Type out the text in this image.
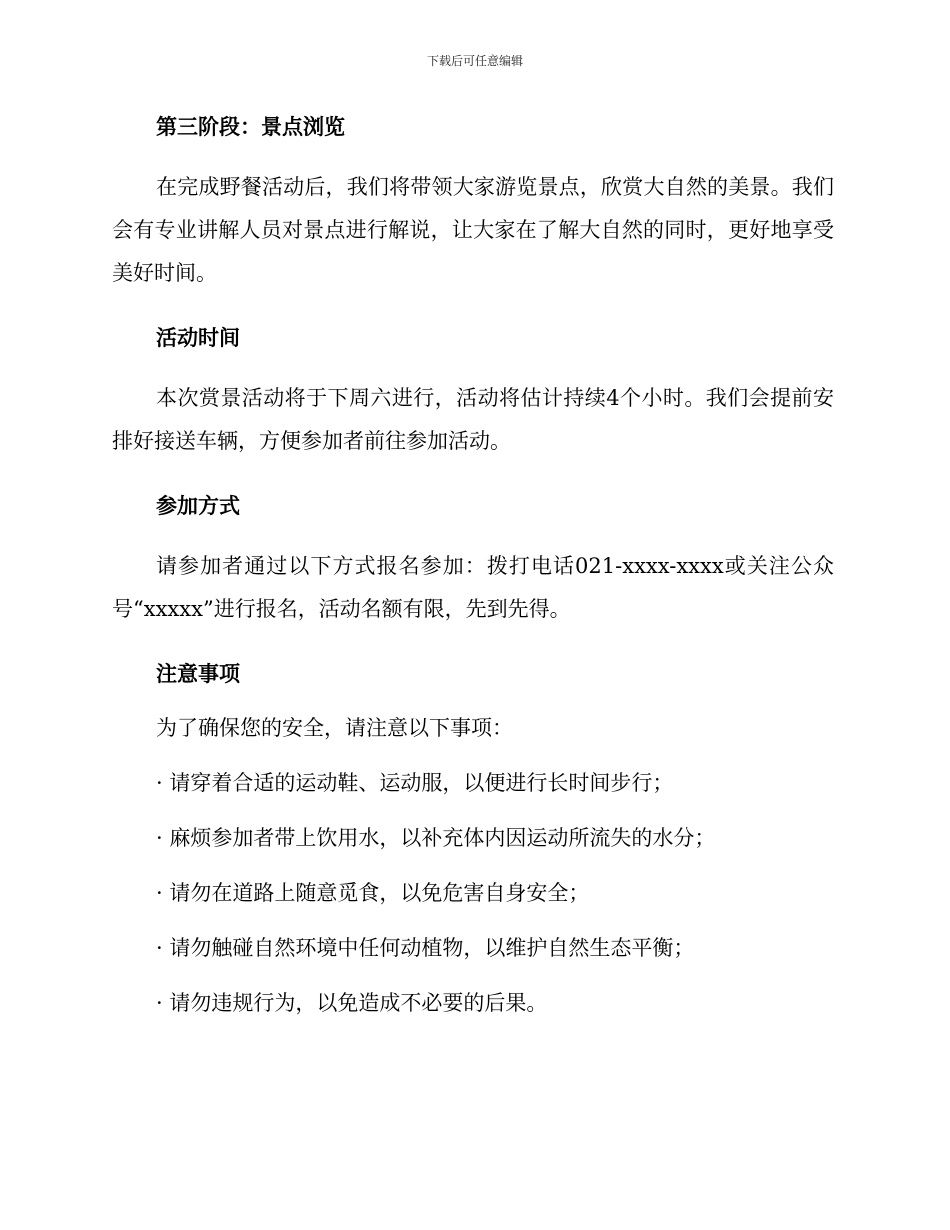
下载后可任意编辑
第三阶段：景点浏览

在完成野餐活动后，我们将带领大家游览景点，欣赏大自然的美景。我们会有专业讲解人员对景点进行解说，让大家在了解大自然的同时，更好地享受美好时间。

活动时间

本次赏景活动将于下周六进行，活动将估计持续4个小时。我们会提前安排好接送车辆，方便参加者前往参加活动。

参加方式

请参加者通过以下方式报名参加：拨打电话021-xxxx-xxxx或关注公众号“xxxxx”进行报名，活动名额有限，先到先得。

注意事项

为了确保您的安全，请注意以下事项：

· 请穿着合适的运动鞋、运动服，以便进行长时间步行；
· 麻烦参加者带上饮用水，以补充体内因运动所流失的水分；
· 请勿在道路上随意觅食，以免危害自身安全；
· 请勿触碰自然环境中任何动植物，以维护自然生态平衡；
· 请勿违规行为，以免造成不必要的后果。
